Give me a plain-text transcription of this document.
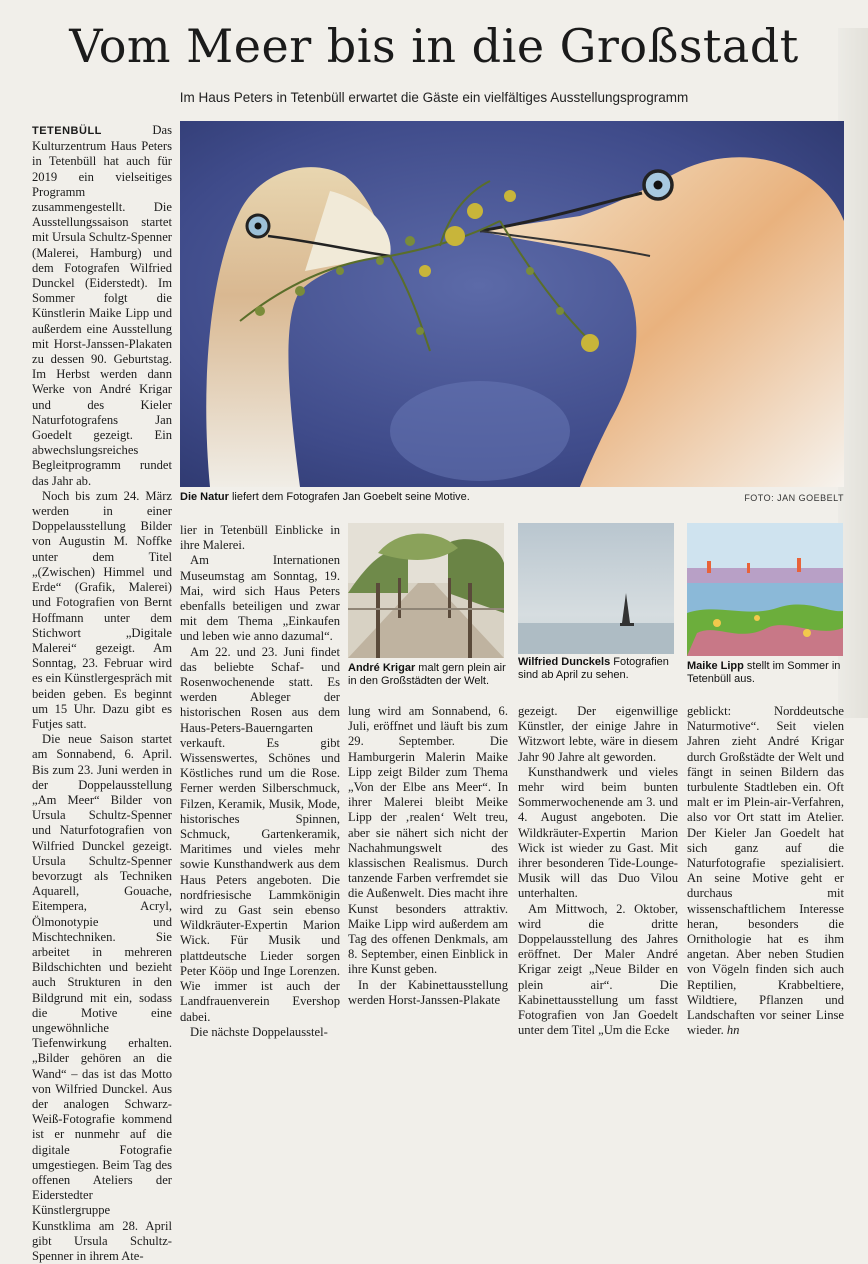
Vom Meer bis in die Großstadt

Im Haus Peters in Tetenbüll erwartet die Gäste ein vielfältiges Ausstellungsprogramm

TETENBÜLL	Das Kulturzentrum Haus Peters in Tetenbüll hat auch für 2019 ein vielseitiges Programm zusammengestellt. Die Ausstellungssaison startet mit Ursula Schultz-Spenner (Malerei, Hamburg) und dem Fotografen Wilfried Dunckel (Eiderstedt). Im Sommer folgt die Künstlerin Maike Lipp und außerdem eine Ausstellung mit Horst-Janssen-Plakaten zu dessen 90. Geburtstag. Im Herbst werden dann Werke von André Krigar und des Kieler Naturfotografens Jan Goedelt gezeigt. Ein abwechslungsreiches Begleitprogramm rundet das Jahr ab.

Noch bis zum 24. März werden in einer Doppelausstellung Bilder von Augustin M. Noffke unter dem Titel „(Zwischen) Himmel und Erde“ (Grafik, Malerei) und Fotografien von Bernt Hoffmann unter dem Stichwort „Digitale Malerei“ gezeigt. Am Sonntag, 23. Februar wird es ein Künstlergespräch mit beiden geben. Es beginnt um 15 Uhr. Dazu gibt es Futjes satt.

Die neue Saison startet am Sonnabend, 6. April. Bis zum 23. Juni werden in der Doppelausstellung „Am Meer“ Bilder von Ursula Schultz-Spenner und Naturfotografien von Wilfried Dunckel gezeigt. Ursula Schultz-Spenner bevorzugt als Techniken Aquarell, Gouache, Eitempera, Acryl, Ölmonotypie und Mischtechniken. Sie arbeitet in mehreren Bildschichten und bezieht auch Strukturen in den Bildgrund mit ein, sodass die Motive eine ungewöhnliche Tiefenwirkung erhalten. „Bilder gehören an die Wand“ – das ist das Motto von Wilfried Dunckel. Aus der analogen Schwarz-Weiß-Fotografie kommend ist er nunmehr auf die digitale Fotografie umgestiegen. Beim Tag des offenen Ateliers der Eiderstedter Künstlergruppe Kunstklima am 28. April gibt Ursula Schultz-Spenner in ihrem Ate-

Die Natur liefert dem Fotografen Jan Goebelt seine Motive.	FOTO: JAN GOEBELT

lier in Tetenbüll Einblicke in ihre Malerei.

Am Internationen Museumstag am Sonntag, 19. Mai, wird sich Haus Peters ebenfalls beteiligen und zwar mit dem Thema „Einkaufen und leben wie anno dazumal“.

Am 22. und 23. Juni findet das beliebte Schaf- und Rosenwochenende statt. Es werden Ableger der historischen Rosen aus dem Haus-Peters-Bauerngarten verkauft. Es gibt Wissenswertes, Schönes und Köstliches rund um die Rose. Ferner werden Silberschmuck, Filzen, Keramik, Musik, Mode, historisches Spinnen, Schmuck, Gartenkeramik, Maritimes und vieles mehr sowie Kunsthandwerk aus dem Haus Peters angeboten. Die nordfriesische Lammkönigin wird zu Gast sein ebenso Wildkräuter-Expertin Marion Wick. Für Musik und plattdeutsche Lieder sorgen Peter Kööp und Inge Lorenzen. Wie immer ist auch der Landfrauenverein Evershop dabei.

Die nächste Doppelausstel-

André Krigar malt gern plein air in den Großstädten der Welt.
Wilfried Dunckels Fotografien sind ab April zu sehen.
Maike Lipp stellt im Sommer in Tetenbüll aus.

lung wird am Sonnabend, 6. Juli, eröffnet und läuft bis zum 29. September. Die Hamburgerin Malerin Maike Lipp zeigt Bilder zum Thema „Von der Elbe ans Meer“. In ihrer Malerei bleibt Meike Lipp der ‚realen‘ Welt treu, aber sie nähert sich nicht der Nachahmungswelt des klassischen Realismus. Durch tanzende Farben verfremdet sie die Außenwelt. Dies macht ihre Kunst besonders attraktiv. Maike Lipp wird außerdem am Tag des offenen Denkmals, am 8. September, einen Einblick in ihre Kunst geben.

In der Kabinettausstellung werden Horst-Janssen-Plakate

gezeigt. Der eigenwillige Künstler, der einige Jahre in Witzwort lebte, wäre in diesem Jahr 90 Jahre alt geworden.

Kunsthandwerk und vieles mehr wird beim bunten Sommerwochenende am 3. und 4. August angeboten. Die Wildkräuter-Expertin Marion Wick ist wieder zu Gast. Mit ihrer besonderen Tide-Lounge-Musik will das Duo Vilou unterhalten.

Am Mittwoch, 2. Oktober, wird die dritte Doppelausstellung des Jahres eröffnet. Der Maler André Krigar zeigt „Neue Bilder en plein air“. Die Kabinettausstellung um fasst Fotografien von Jan Goedelt unter dem Titel „Um die Ecke

geblickt: Norddeutsche Naturmotive“. Seit vielen Jahren zieht André Krigar durch Großstädte der Welt und fängt in seinen Bildern das turbulente Stadtleben ein. Oft malt er im Plein-air-Verfahren, also vor Ort statt im Atelier. Der Kieler Jan Goedelt hat sich ganz auf die Naturfotografie spezialisiert. An seine Motive geht er durchaus mit wissenschaftlichem Interesse heran, besonders die Ornithologie hat es ihm angetan. Aber neben Studien von Vögeln finden sich auch Reptilien, Krabbeltiere, Wildtiere, Pflanzen und Landschaften vor seiner Linse wieder. hn
